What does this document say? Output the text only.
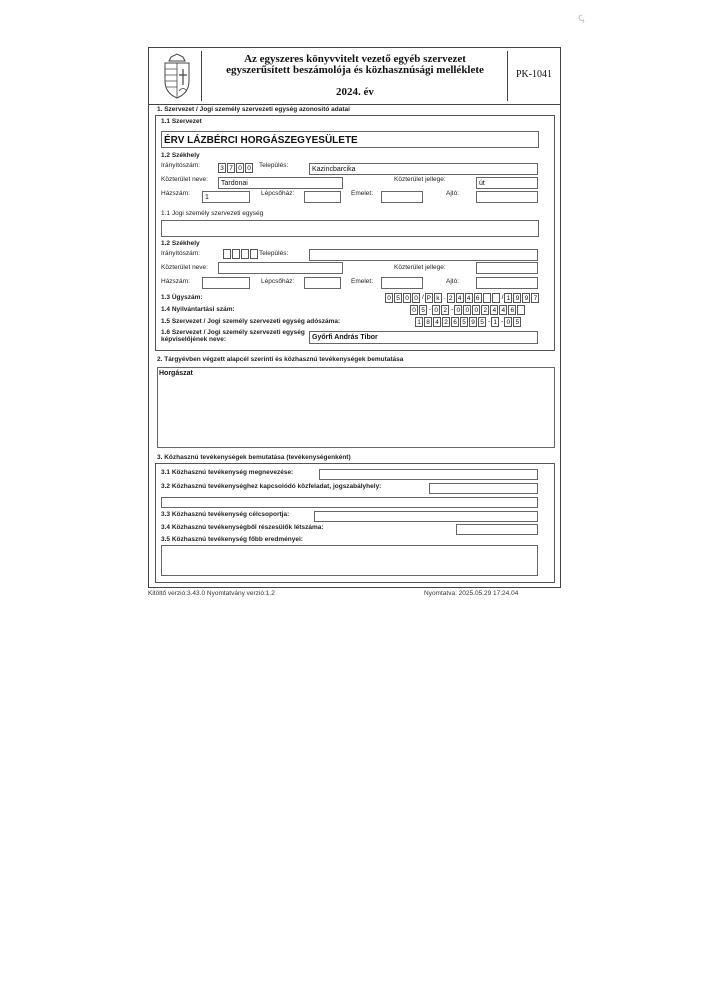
ꞔ
Az egyszeres könyvvitelt vezető egyéb szervezet
egyszerűsített beszámolója és közhasznúsági melléklete
2024. év
PK-1041
1. Szervezet / Jogi személy szervezeti egység azonosító adatai
1.1 Szervezet
ÉRV LÁZBÉRCI HORGÁSZEGYESÜLETE
1.2 Székhely
Irányítószám:	3 7 0 0	Település:
Kazincbarcika
Közterület neve:
Tardonai
Közterület jellege:
út
Házszám:
1
Lépcsőház:	Emelet:	Ajtó:
1.1 Jogi személy szervezeti egység
1.2 Székhely
Irányítószám:	Település:
Közterület neve:	Közterület jellege:
Házszám:	Lépcsőház:	Emelet:	Ajtó:
1.3 Ügyszám:	0 5 0 0 / P k . 2 4 4 6	/ 1 9 9 7
1.4 Nyilvántartási szám:	0 5 - 0 2 - 0 0 0 2 4 4 6
1.5 Szervezet / Jogi személy szervezeti egység adószáma:	1 8 4 2 6 5 9 5 - 1 - 0 5
1.6 Szervezet / Jogi személy szervezeti egység
képviselőjének neve:	Győrfi András Tibor
2. Tárgyévben végzett alapcél szerinti és közhasznú tevékenységek bemutatása
Horgászat
3. Közhasznú tevékenységek bemutatása (tevékenységenként)
3.1 Közhasznú tevékenység megnevezése:
3.2 Közhasznú tevékenységhez kapcsolódó közfeladat, jogszabályhely:
3.3 Közhasznú tevékenység célcsoportja:
3.4 Közhasznú tevékenységből részesülők létszáma:
3.5 Közhasznú tevékenység főbb eredményei:
Kitöltő verzió:3.43.0 Nyomtatvány verzió:1.2	Nyomtatva: 2025.05.29 17.24.04
